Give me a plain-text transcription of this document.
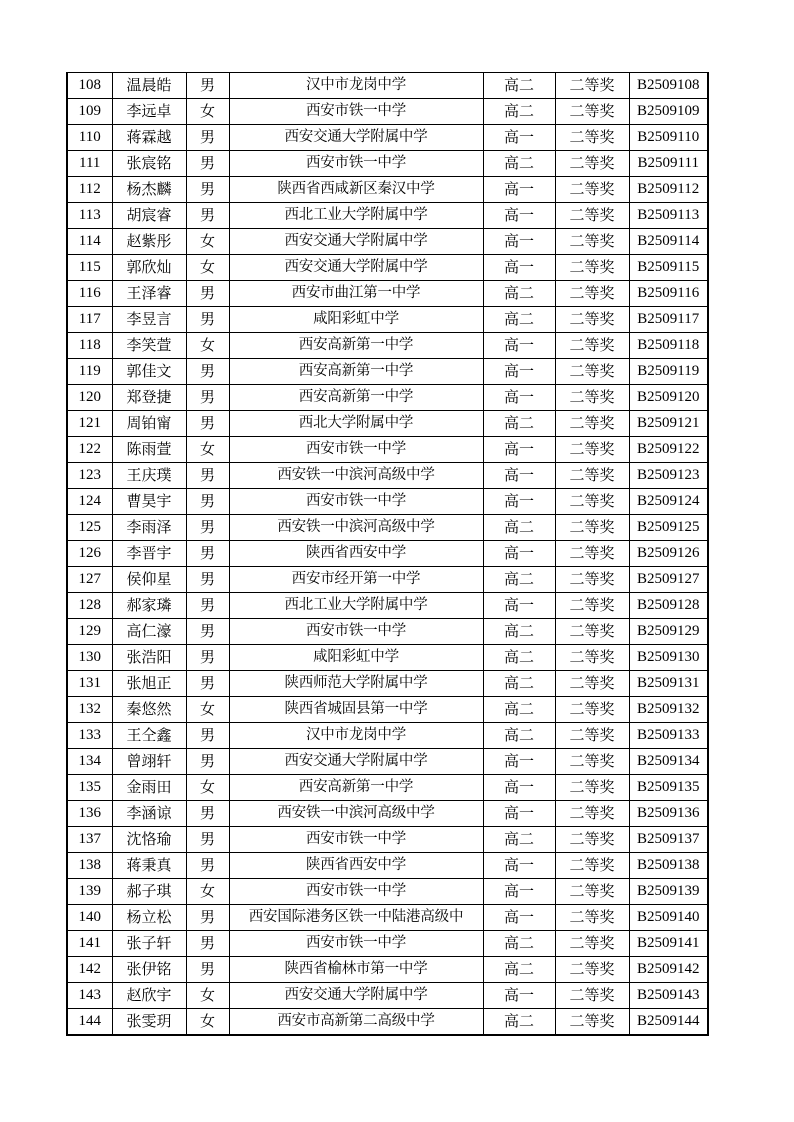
108	温晨皓	男	汉中市龙岗中学	高二	二等奖	B2509108
109	李远卓	女	西安市铁一中学	高二	二等奖	B2509109
110	蒋霖越	男	西安交通大学附属中学	高一	二等奖	B2509110
111	张宸铭	男	西安市铁一中学	高二	二等奖	B2509111
112	杨杰麟	男	陕西省西咸新区秦汉中学	高一	二等奖	B2509112
113	胡宸睿	男	西北工业大学附属中学	高一	二等奖	B2509113
114	赵紫彤	女	西安交通大学附属中学	高一	二等奖	B2509114
115	郭欣灿	女	西安交通大学附属中学	高一	二等奖	B2509115
116	王泽睿	男	西安市曲江第一中学	高二	二等奖	B2509116
117	李昱言	男	咸阳彩虹中学	高二	二等奖	B2509117
118	李笑萱	女	西安高新第一中学	高一	二等奖	B2509118
119	郭佳文	男	西安高新第一中学	高一	二等奖	B2509119
120	郑登捷	男	西安高新第一中学	高一	二等奖	B2509120
121	周铂甯	男	西北大学附属中学	高二	二等奖	B2509121
122	陈雨萱	女	西安市铁一中学	高一	二等奖	B2509122
123	王庆璞	男	西安铁一中滨河高级中学	高一	二等奖	B2509123
124	曹昊宇	男	西安市铁一中学	高一	二等奖	B2509124
125	李雨泽	男	西安铁一中滨河高级中学	高二	二等奖	B2509125
126	李晋宇	男	陕西省西安中学	高一	二等奖	B2509126
127	侯仰星	男	西安市经开第一中学	高二	二等奖	B2509127
128	郝家璘	男	西北工业大学附属中学	高一	二等奖	B2509128
129	高仁濠	男	西安市铁一中学	高二	二等奖	B2509129
130	张浩阳	男	咸阳彩虹中学	高二	二等奖	B2509130
131	张旭正	男	陕西师范大学附属中学	高二	二等奖	B2509131
132	秦悠然	女	陕西省城固县第一中学	高二	二等奖	B2509132
133	王仝鑫	男	汉中市龙岗中学	高二	二等奖	B2509133
134	曾翊轩	男	西安交通大学附属中学	高一	二等奖	B2509134
135	金雨田	女	西安高新第一中学	高一	二等奖	B2509135
136	李涵谅	男	西安铁一中滨河高级中学	高一	二等奖	B2509136
137	沈恪瑜	男	西安市铁一中学	高二	二等奖	B2509137
138	蒋秉真	男	陕西省西安中学	高一	二等奖	B2509138
139	郝子琪	女	西安市铁一中学	高一	二等奖	B2509139
140	杨立松	男	西安国际港务区铁一中陆港高级中	高一	二等奖	B2509140
141	张子轩	男	西安市铁一中学	高二	二等奖	B2509141
142	张伊铭	男	陕西省榆林市第一中学	高二	二等奖	B2509142
143	赵欣宇	女	西安交通大学附属中学	高一	二等奖	B2509143
144	张雯玥	女	西安市高新第二高级中学	高二	二等奖	B2509144
